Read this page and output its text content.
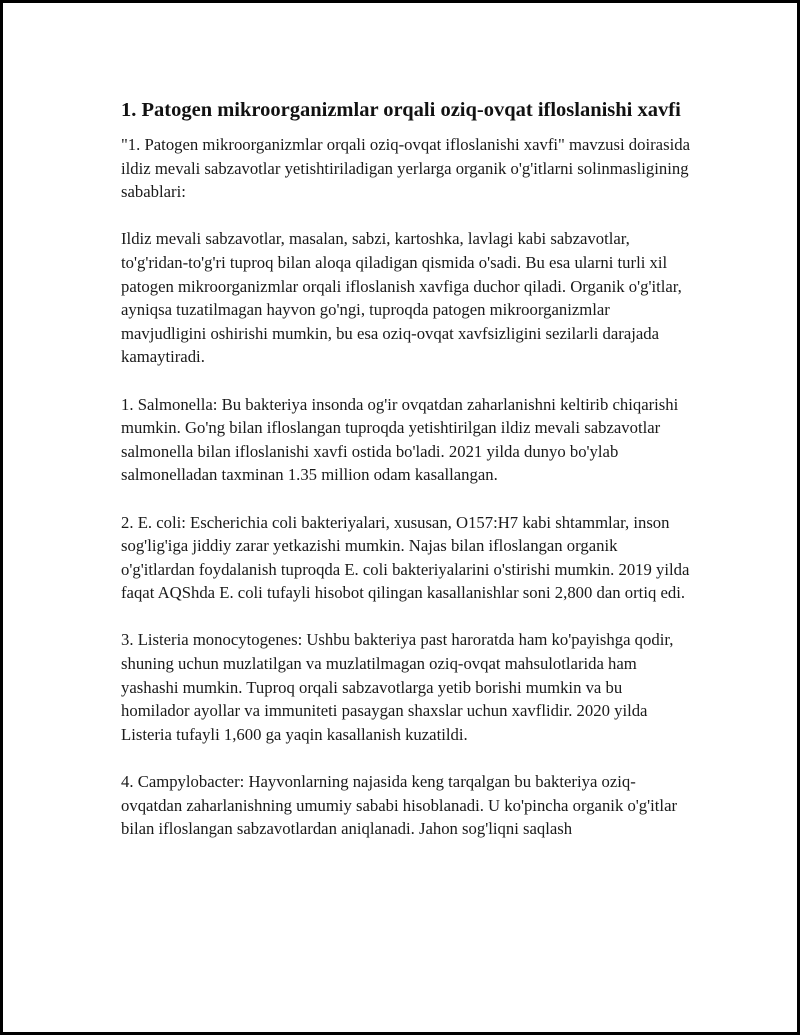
1. Patogen mikroorganizmlar orqali oziq-ovqat ifloslanishi xavfi

"1. Patogen mikroorganizmlar orqali oziq-ovqat ifloslanishi xavfi" mavzusi doirasida ildiz mevali sabzavotlar yetishtiriladigan yerlarga organik o'g'itlarni solinmasligining sabablari:

Ildiz mevali sabzavotlar, masalan, sabzi, kartoshka, lavlagi kabi sabzavotlar, to'g'ridan-to'g'ri tuproq bilan aloqa qiladigan qismida o'sadi. Bu esa ularni turli xil patogen mikroorganizmlar orqali ifloslanish xavfiga duchor qiladi. Organik o'g'itlar, ayniqsa tuzatilmagan hayvon go'ngi, tuproqda patogen mikroorganizmlar mavjudligini oshirishi mumkin, bu esa oziq-ovqat xavfsizligini sezilarli darajada kamaytiradi.

1. Salmonella: Bu bakteriya insonda og'ir ovqatdan zaharlanishni keltirib chiqarishi mumkin. Go'ng bilan ifloslangan tuproqda yetishtirilgan ildiz mevali sabzavotlar salmonella bilan ifloslanishi xavfi ostida bo'ladi. 2021 yilda dunyo bo'ylab salmonelladan taxminan 1.35 million odam kasallangan.

2. E. coli: Escherichia coli bakteriyalari, xususan, O157:H7 kabi shtammlar, inson sog'lig'iga jiddiy zarar yetkazishi mumkin. Najas bilan ifloslangan organik o'g'itlardan foydalanish tuproqda E. coli bakteriyalarini o'stirishi mumkin. 2019 yilda faqat AQShda E. coli tufayli hisobot qilingan kasallanishlar soni 2,800 dan ortiq edi.

3. Listeria monocytogenes: Ushbu bakteriya past haroratda ham ko'payishga qodir, shuning uchun muzlatilgan va muzlatilmagan oziq-ovqat mahsulotlarida ham yashashi mumkin. Tuproq orqali sabzavotlarga yetib borishi mumkin va bu homilador ayollar va immuniteti pasaygan shaxslar uchun xavflidir. 2020 yilda Listeria tufayli 1,600 ga yaqin kasallanish kuzatildi.

4. Campylobacter: Hayvonlarning najasida keng tarqalgan bu bakteriya oziq-ovqatdan zaharlanishning umumiy sababi hisoblanadi. U ko'pincha organik o'g'itlar bilan ifloslangan sabzavotlardan aniqlanadi. Jahon sog'liqni saqlash
